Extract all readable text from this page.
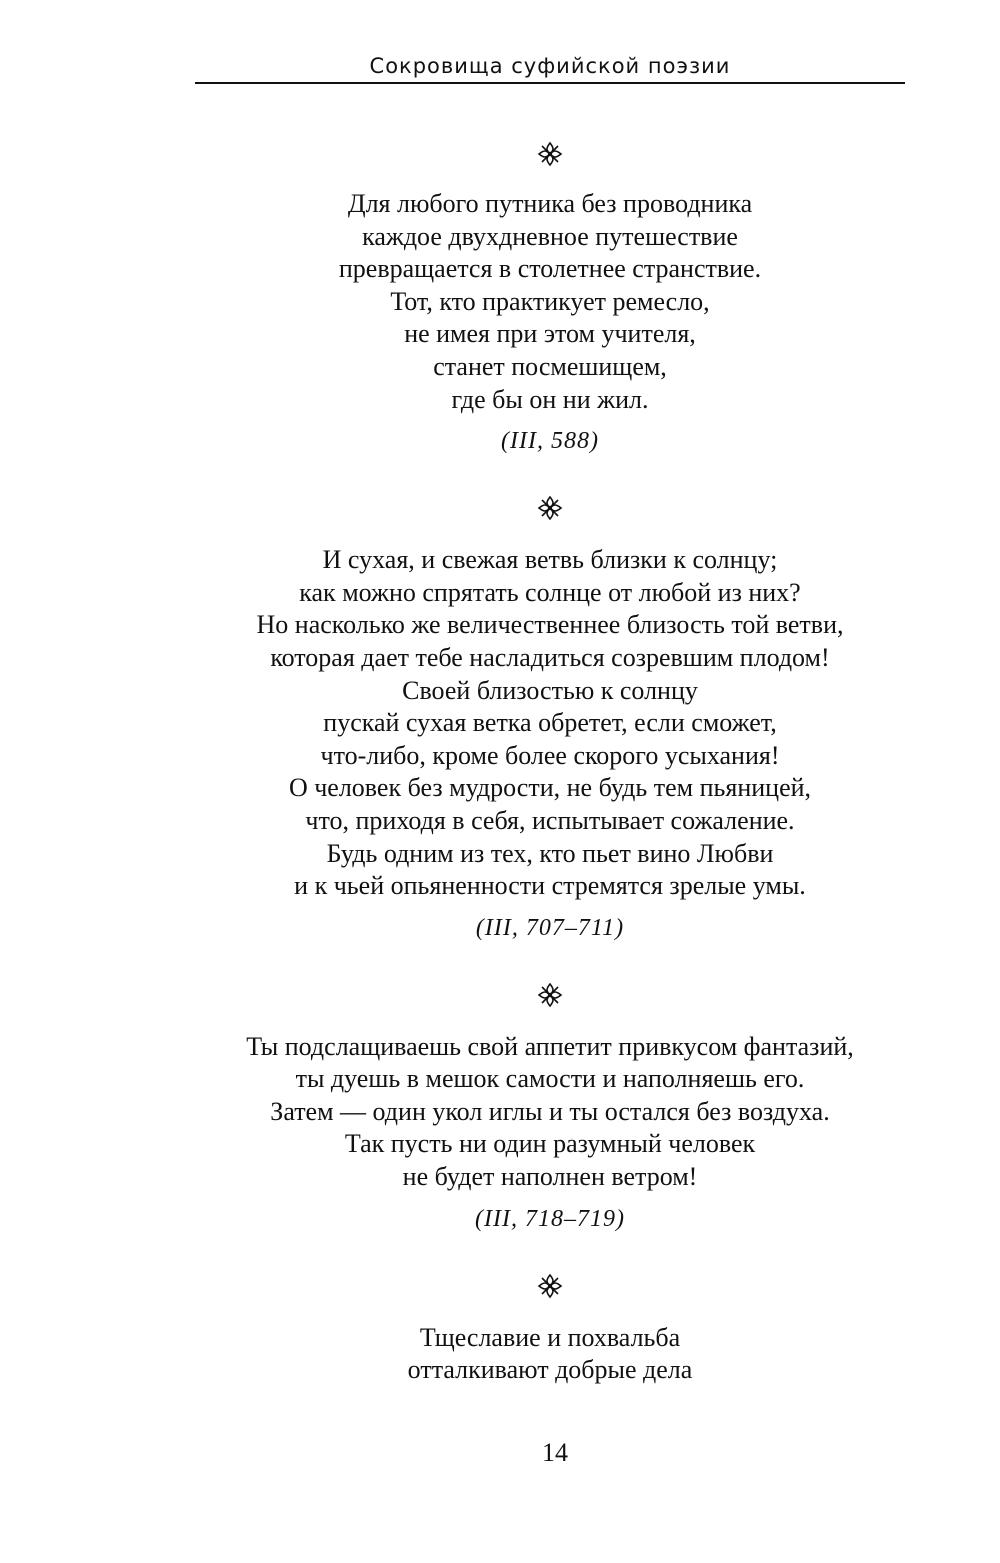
Сокровища суфийской поэзии
Для любого путника без проводника
каждое двухдневное путешествие
превращается в столетнее странствие.
Тот, кто практикует ремесло,
не имея при этом учителя,
станет посмешищем,
где бы он ни жил.
(III, 588)
И сухая, и свежая ветвь близки к солнцу;
как можно спрятать солнце от любой из них?
Но насколько же величественнее близость той ветви,
которая дает тебе насладиться созревшим плодом!
Своей близостью к солнцу
пускай сухая ветка обретет, если сможет,
что-либо, кроме более скорого усыхания!
О человек без мудрости, не будь тем пьяницей,
что, приходя в себя, испытывает сожаление.
Будь одним из тех, кто пьет вино Любви
и к чьей опьяненности стремятся зрелые умы.
(III, 707–711)
Ты подслащиваешь свой аппетит привкусом фантазий,
ты дуешь в мешок самости и наполняешь его.
Затем — один укол иглы и ты остался без воздуха.
Так пусть ни один разумный человек
не будет наполнен ветром!
(III, 718–719)
Тщеславие и похвальба
отталкивают добрые дела
14
